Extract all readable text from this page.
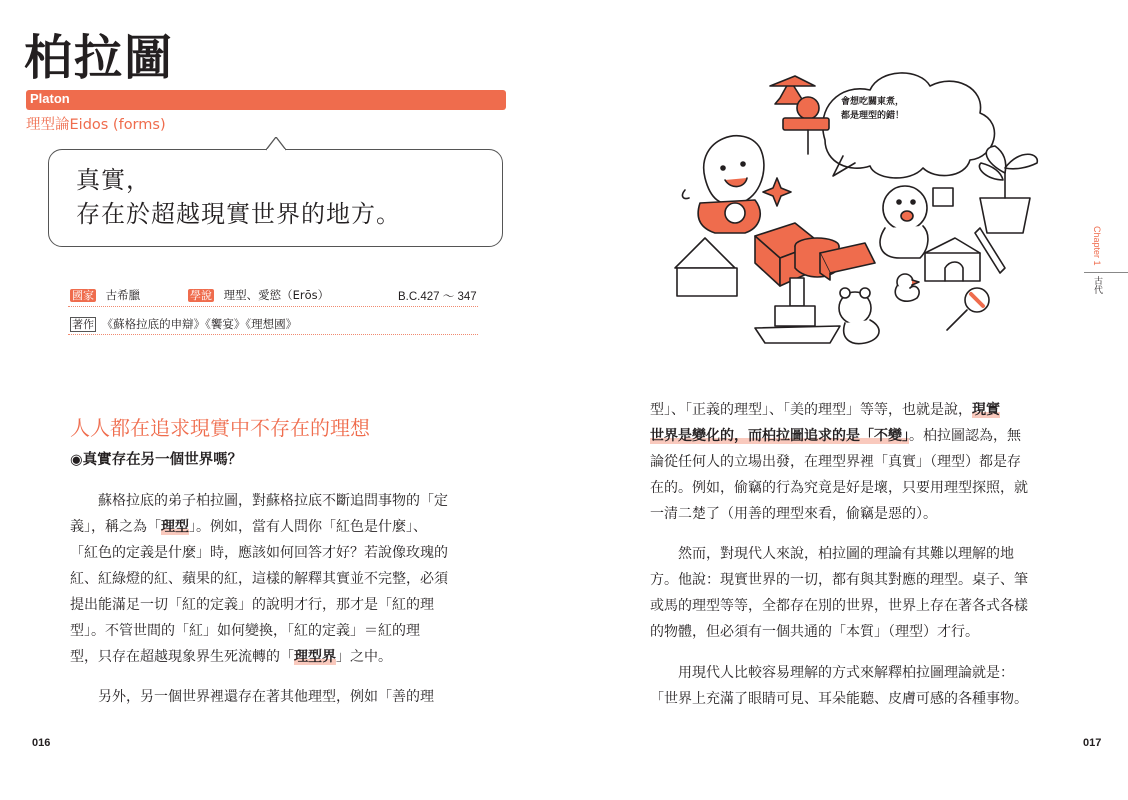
柏拉圖
Platon
理型論Eidos (forms)
真實，
存在於超越現實世界的地方。
國家 古希臘	學說 理型、愛慾（Erōs）	B.C.427 ～ 347
著作 《蘇格拉底的申辯》《饗宴》《理想國》
人人都在追求現實中不存在的理想
◉真實存在另一個世界嗎？
蘇格拉底的弟子柏拉圖，對蘇格拉底不斷追問事物的「定
義」，稱之為「理型」。例如，當有人問你「紅色是什麼」、
「紅色的定義是什麼」時，應該如何回答才好？若說像玫瑰的
紅、紅綠燈的紅、蘋果的紅，這樣的解釋其實並不完整，必須
提出能滿足一切「紅的定義」的說明才行，那才是「紅的理
型」。不管世間的「紅」如何變換，「紅的定義」＝紅的理
型，只存在超越現象界生死流轉的「理型界」之中。
另外，另一個世界裡還存在著其他理型，例如「善的理
016
會想吃關東煮，
都是理型的錯！
型」、「正義的理型」、「美的理型」等等，也就是說，現實
世界是變化的，而柏拉圖追求的是「不變」。柏拉圖認為，無
論從任何人的立場出發，在理型界裡「真實」（理型）都是存
在的。例如，偷竊的行為究竟是好是壞，只要用理型探照，就
一清二楚了（用善的理型來看，偷竊是惡的）。
然而，對現代人來說，柏拉圖的理論有其難以理解的地
方。他說：現實世界的一切，都有與其對應的理型。桌子、筆
或馬的理型等等，全都存在別的世界，世界上存在著各式各樣
的物體，但必須有一個共通的「本質」（理型）才行。
用現代人比較容易理解的方式來解釋柏拉圖理論就是：
「世界上充滿了眼睛可見、耳朵能聽、皮膚可感的各種事物。
Chapter 1 古代
017
